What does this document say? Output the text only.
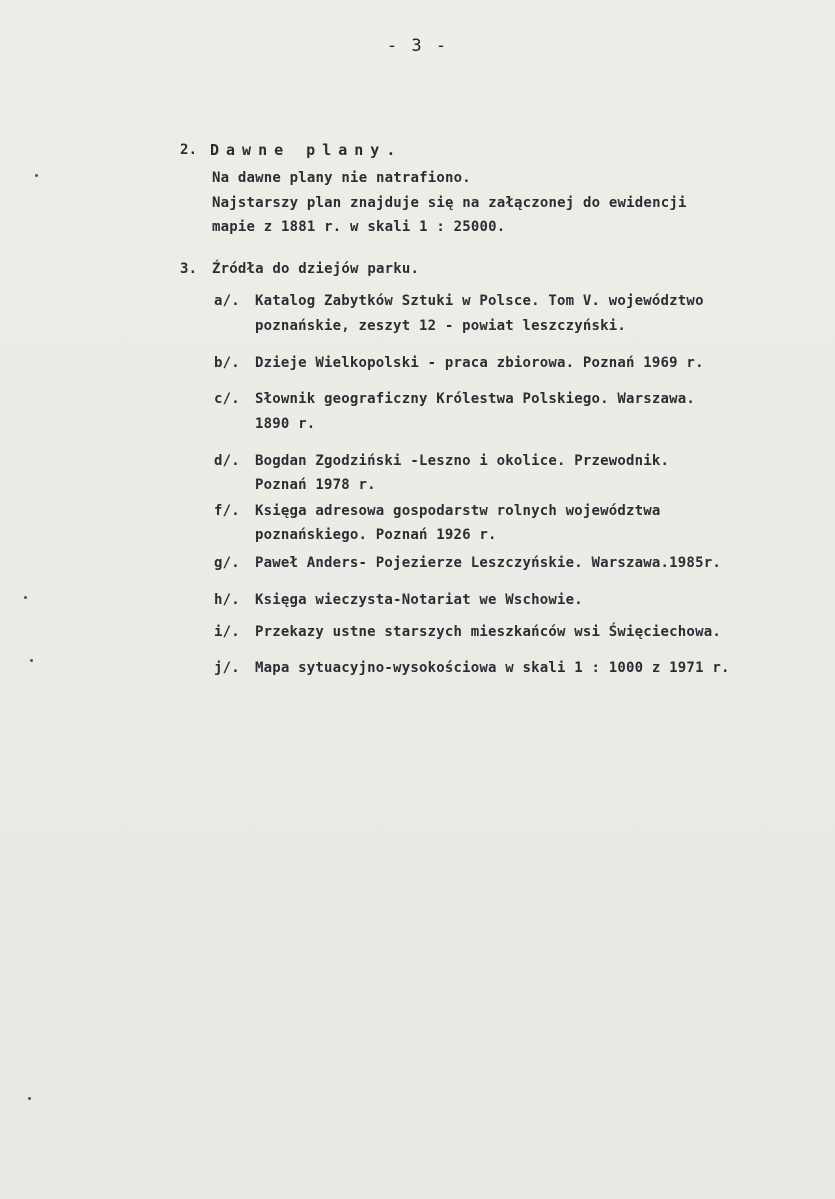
- 3 -
2. Dawne plany.
Na dawne plany nie natrafiono.
Najstarszy plan znajduje się na załączonej do ewidencji
mapie z 1881 r. w skali 1 : 25000.
3. Źródła do dziejów parku.
a/. Katalog Zabytków Sztuki w Polsce. Tom V. województwo
poznańskie, zeszyt 12 - powiat leszczyński.
b/. Dzieje Wielkopolski - praca zbiorowa. Poznań 1969 r.
c/. Słownik geograficzny Królestwa Polskiego. Warszawa.
1890 r.
d/. Bogdan Zgodziński -Leszno i okolice. Przewodnik.
Poznań 1978 r.
f/. Księga adresowa gospodarstw rolnych województwa
poznańskiego. Poznań 1926 r.
g/. Paweł Anders- Pojezierze Leszczyńskie. Warszawa.1985r.
h/. Księga wieczysta-Notariat we Wschowie.
i/. Przekazy ustne starszych mieszkańców wsi Święciechowa.
j/. Mapa sytuacyjno-wysokościowa w skali 1 : 1000 z 1971 r.
